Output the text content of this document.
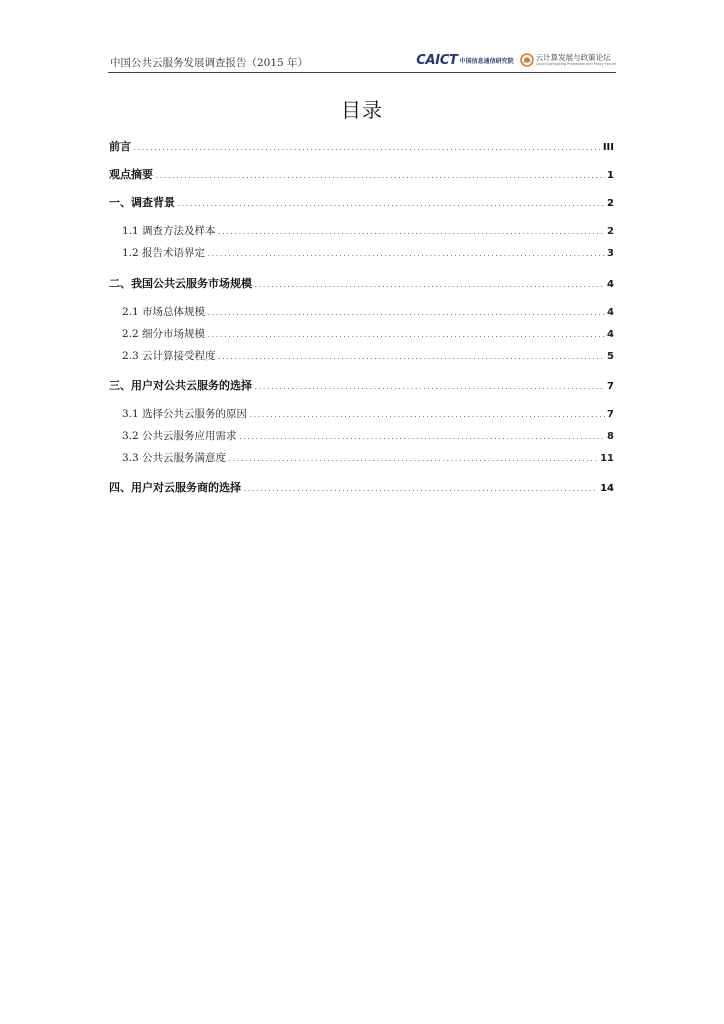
中国公共云服务发展调查报告（2015 年）	CAICT 中国信息通信研究院	云计算发展与政策论坛
Cloud Computing Promotion and Policy Forum
目录
前言 .....	III
观点摘要 .....	1
一、调查背景 .....	2
1.1 调查方法及样本 .....	2
1.2 报告术语界定 .....	3
二、我国公共云服务市场规模 .....	4
2.1 市场总体规模 .....	4
2.2 细分市场规模 .....	4
2.3 云计算接受程度 .....	5
三、用户对公共云服务的选择 .....	7
3.1 选择公共云服务的原因 .....	7
3.2 公共云服务应用需求 .....	8
3.3 公共云服务满意度 .....	11
四、用户对云服务商的选择 .....	14
